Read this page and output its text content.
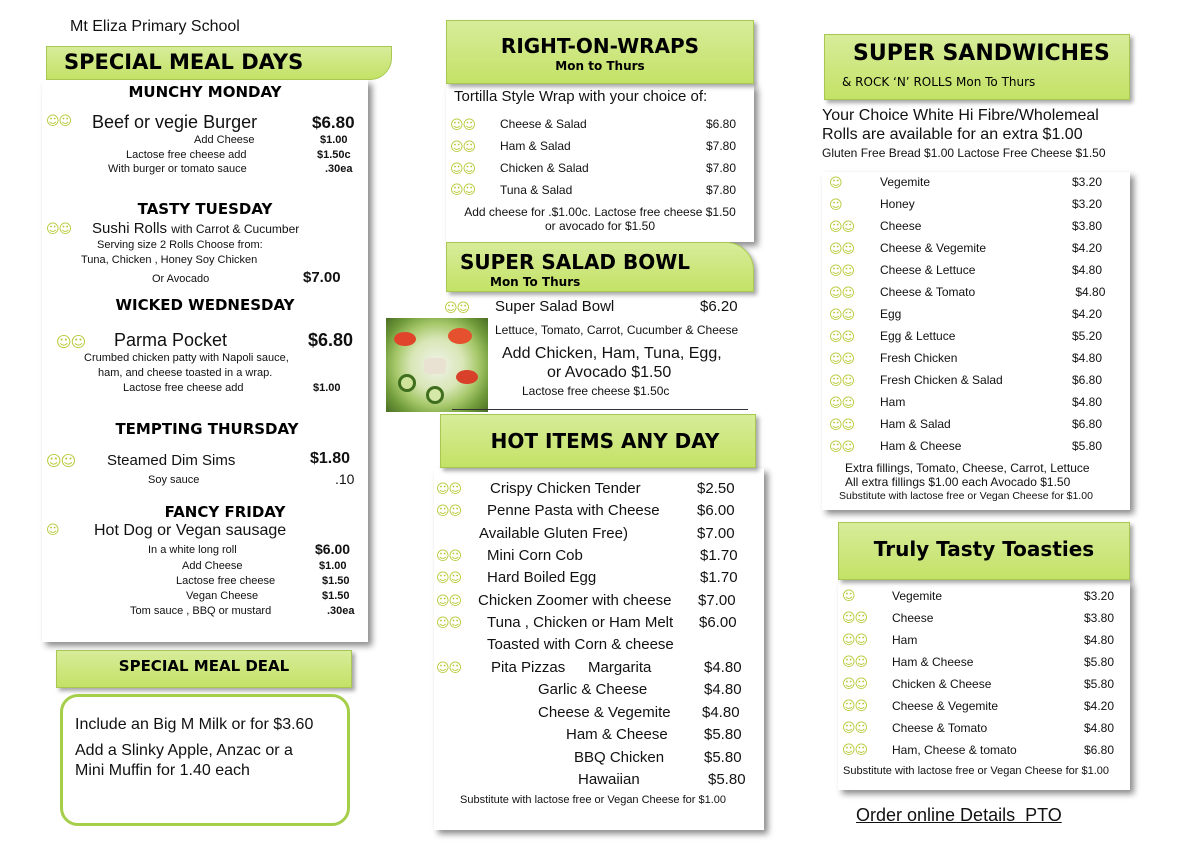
Mt Eliza Primary School
SPECIAL MEAL DAYS
MUNCHY MONDAY
☺☺ Beef or vegie Burger	$6.80
Add Cheese	$1.00
Lactose free cheese add	$1.50c
With burger or tomato sauce	.30ea
TASTY TUESDAY
☺☺ Sushi Rolls with Carrot & Cucumber
Serving size 2 Rolls Choose from:
Tuna, Chicken , Honey Soy Chicken
Or Avocado	$7.00
WICKED WEDNESDAY
☺☺ Parma Pocket	$6.80
Crumbed chicken patty with Napoli sauce,
ham, and cheese toasted in a wrap.
Lactose free cheese add	$1.00
TEMPTING THURSDAY
☺☺ Steamed Dim Sims	$1.80
Soy sauce	.10
FANCY FRIDAY
☺ Hot Dog or Vegan sausage
In a white long roll	$6.00
Add Cheese	$1.00
Lactose free cheese	$1.50
Vegan Cheese	$1.50
Tom sauce , BBQ or mustard	.30ea
SPECIAL MEAL DEAL
Include an Big M Milk or for $3.60
Add a Slinky Apple, Anzac or a
Mini Muffin for 1.40 each
RIGHT-ON-WRAPS
Mon to Thurs
Tortilla Style Wrap with your choice of:
☺☺ Cheese & Salad	$6.80
☺☺ Ham & Salad	$7.80
☺☺ Chicken & Salad	$7.80
☺☺ Tuna & Salad	$7.80
Add cheese for .$1.00c. Lactose free cheese $1.50
or avocado for $1.50
SUPER SALAD BOWL
Mon To Thurs
☺☺ Super Salad Bowl	$6.20
Lettuce, Tomato, Carrot, Cucumber & Cheese
Add Chicken, Ham, Tuna, Egg,
or Avocado $1.50
Lactose free cheese $1.50c
HOT ITEMS ANY DAY
☺☺ Crispy Chicken Tender	$2.50
☺☺ Penne Pasta with Cheese $6.00
Available Gluten Free)	$7.00
☺☺ Mini Corn Cob	$1.70
☺☺ Hard Boiled Egg	$1.70
☺☺ Chicken Zoomer with cheese $7.00
☺☺ Tuna , Chicken or Ham Melt $6.00
Toasted with Corn & cheese
☺☺ Pita Pizzas Margarita	$4.80
Garlic & Cheese	$4.80
Cheese & Vegemite $4.80
Ham & Cheese $5.80
BBQ Chicken	$5.80
Hawaiian	$5.80
Substitute with lactose free or Vegan Cheese for $1.00
SUPER SANDWICHES
& ROCK ‘N’ ROLLS Mon To Thurs
Your Choice White Hi Fibre/Wholemeal
Rolls are available for an extra $1.00
Gluten Free Bread $1.00 Lactose Free Cheese $1.50
☺	Vegemite	$3.20
☺	Honey	$3.20
☺☺ Cheese	$3.80
☺☺ Cheese & Vegemite	$4.20
☺☺ Cheese & Lettuce	$4.80
☺☺ Cheese & Tomato	$4.80
☺☺ Egg	$4.20
☺☺ Egg & Lettuce	$5.20
☺☺ Fresh Chicken	$4.80
☺☺ Fresh Chicken & Salad	$6.80
☺☺ Ham	$4.80
☺☺ Ham & Salad	$6.80
☺☺ Ham & Cheese	$5.80
Extra fillings, Tomato, Cheese, Carrot, Lettuce
All extra fillings $1.00 each Avocado $1.50
Substitute with lactose free or Vegan Cheese for $1.00
Truly Tasty Toasties
☺	Vegemite	$3.20
☺☺ Cheese	$3.80
☺☺ Ham	$4.80
☺☺ Ham & Cheese	$5.80
☺☺ Chicken & Cheese	$5.80
☺☺ Cheese & Vegemite	$4.20
☺☺ Cheese & Tomato	$4.80
☺☺ Ham, Cheese & tomato	$6.80
Substitute with lactose free or Vegan Cheese for $1.00
Order online Details  PTO
